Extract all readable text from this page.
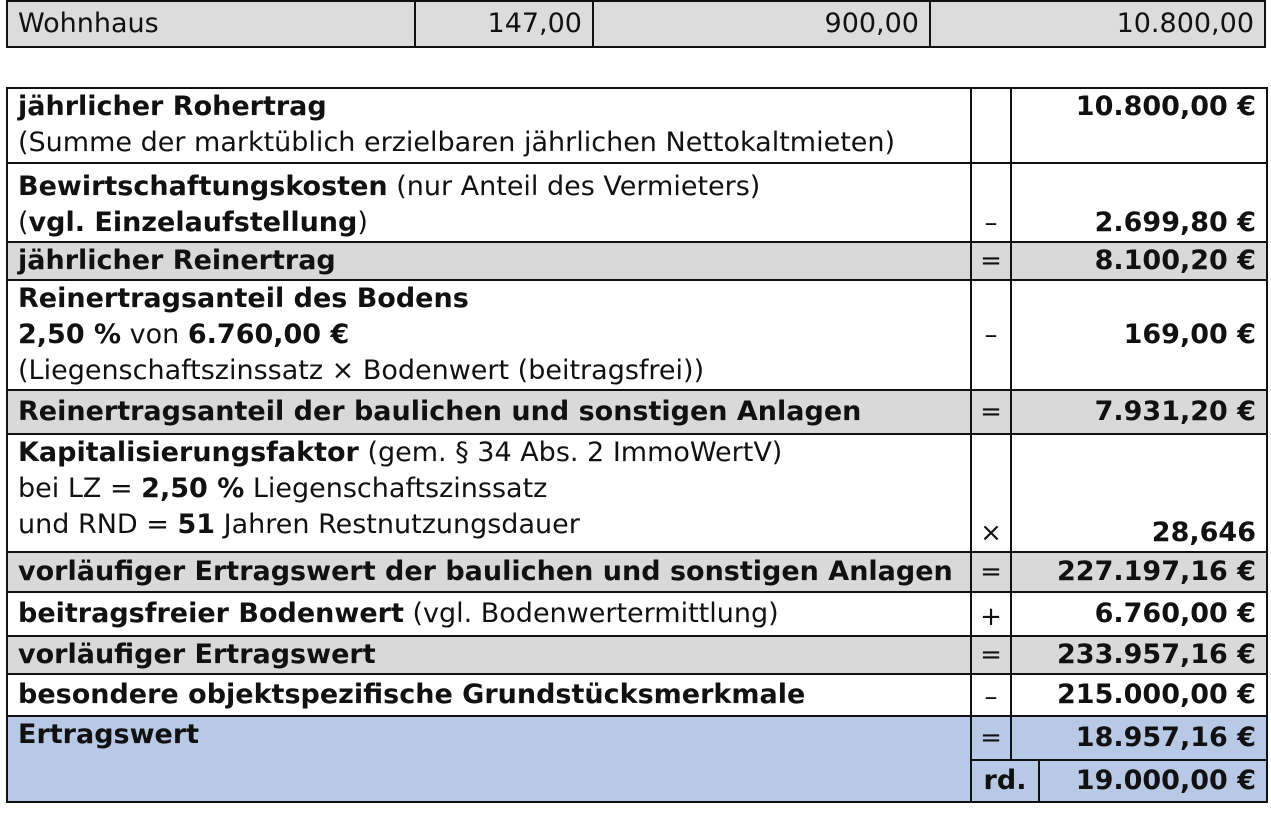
Wohnhaus	147,00	900,00	10.800,00
jährlicher Rohertrag
(Summe der marktüblich erzielbaren jährlichen Nettokaltmieten)		10.800,00 €	

Bewirtschaftungskosten (nur Anteil des Vermieters)
(vgl. Einzelaufstellung)	–	2.699,80 €	
jährlicher Reinertrag	=	8.100,20 €	

Reinertragsanteil des Bodens
2,50 % von 6.760,00 €
(Liegenschaftszinssatz × Bodenwert (beitragsfrei))	–	169,00 €	
Reinertragsanteil der baulichen und sonstigen Anlagen	=	7.931,20 €	

Kapitalisierungsfaktor (gem. § 34 Abs. 2 ImmoWertV)
bei LZ = 2,50 % Liegenschaftszinssatz
und RND = 51 Jahren Restnutzungsdauer	×	28,646	
vorläufiger Ertragswert der baulichen und sonstigen Anlagen	=	227.197,16 €	
beitragsfreier Bodenwert (vgl. Bodenwertermittlung)	+	6.760,00 €	
vorläufiger Ertragswert	=	233.957,16 €	
besondere objektspezifische Grundstücksmerkmale	–	215.000,00 €	
Ertragswert	=	18.957,16 €	
	rd.		19.000,00 €
